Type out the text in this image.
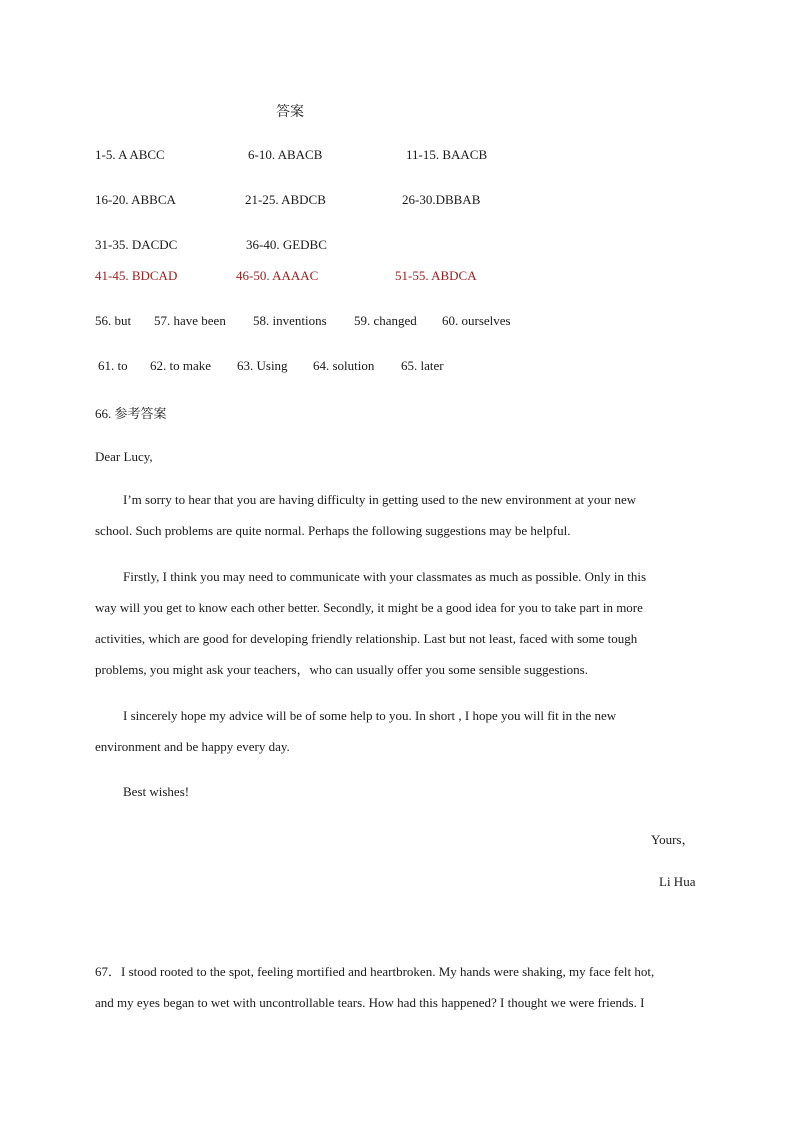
答案
1-5. A ABCC	6-10. ABACB	11-15. BAACB
16-20. ABBCA	21-25. ABDCB	26-30.DBBAB
31-35. DACDC	36-40. GEDBC
41-45. BDCAD	46-50. AAAAC	51-55. ABDCA
56. but 57. have been 58. inventions 59. changed 60. ourselves
61. to 62. to make 63. Using 64. solution 65. later
66. 参考答案
Dear Lucy,
I’m sorry to hear that you are having difficulty in getting used to the new environment at your new
school. Such problems are quite normal. Perhaps the following suggestions may be helpful.
Firstly, I think you may need to communicate with your classmates as much as possible. Only in this
way will you get to know each other better. Secondly, it might be a good idea for you to take part in more
activities, which are good for developing friendly relationship. Last but not least, faced with some tough
problems, you might ask your teachers，who can usually offer you some sensible suggestions.
I sincerely hope my advice will be of some help to you. In short , I hope you will fit in the new
environment and be happy every day.
Best wishes!
Yours，
Li Hua
67．I stood rooted to the spot, feeling mortified and heartbroken. My hands were shaking, my face felt hot,
and my eyes began to wet with uncontrollable tears. How had this happened? I thought we were friends. I
